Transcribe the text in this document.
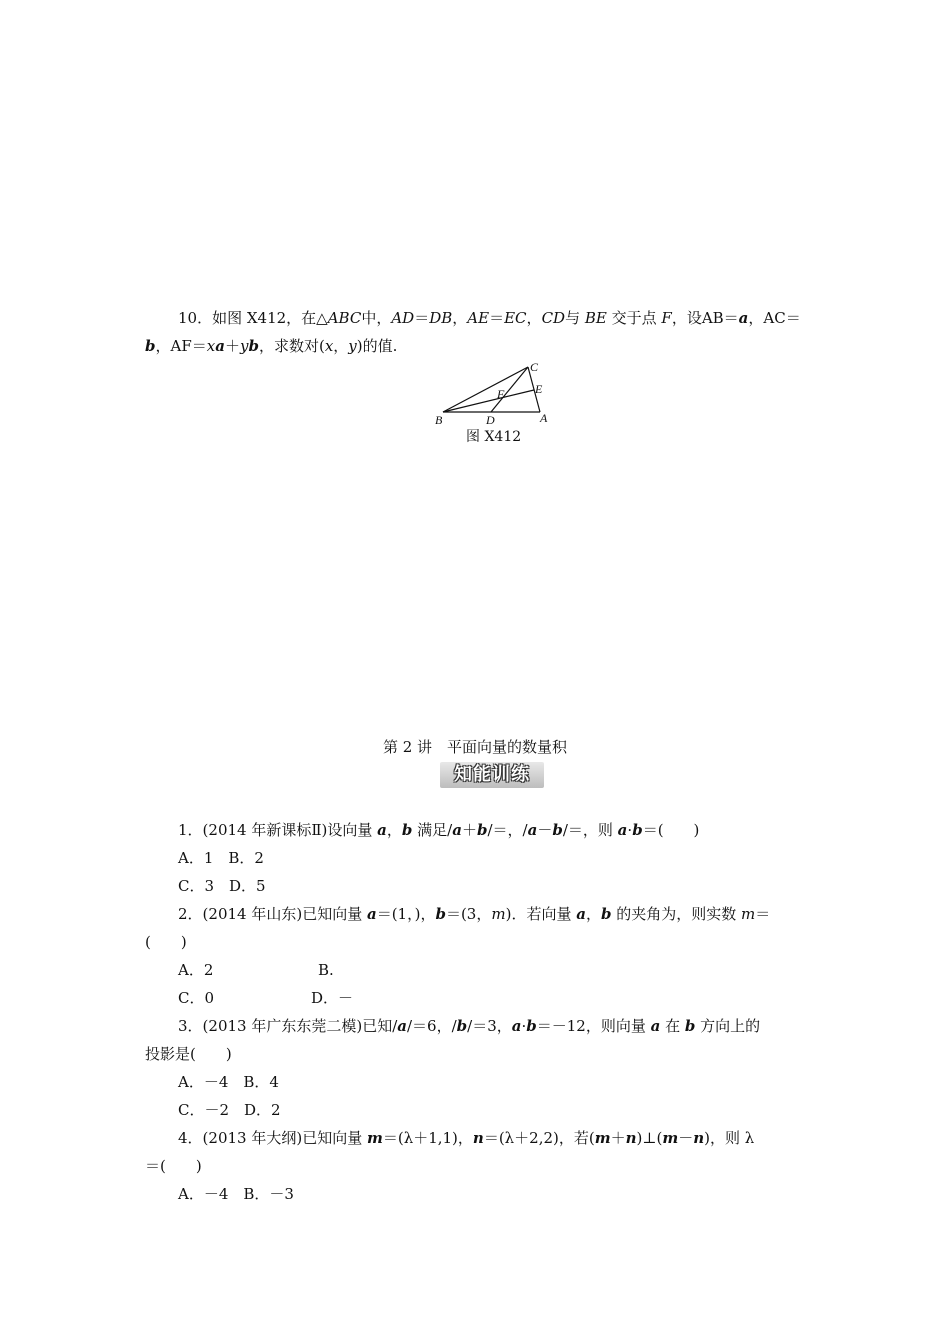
10．如图 X412，在△ABC中，AD＝DB，AE＝EC，CD与 BE 交于点 F，设AB＝a，AC＝
b，AF＝xa＋yb，求数对(x，y)的值.
C
E
F
B	D	A
图 X412
第 2 讲　平面向量的数量积
知能训练
1．(2014 年新课标Ⅱ)设向量 a，b 满足/a＋b/＝，/a－b/＝，则 a·b＝(　　)
A．1　B．2
C．3　D．5
2．(2014 年山东)已知向量 a＝(1，)，b＝(3，m)．若向量 a，b 的夹角为，则实数 m＝
(　　)
A．2	B.
C．0	D．－
3．(2013 年广东东莞二模)已知/a/＝6，/b/＝3，a·b＝－12，则向量 a 在 b 方向上的
投影是(　　)
A．－4　B．4
C．－2　D．2
4．(2013 年大纲)已知向量 m＝(λ＋1,1)，n＝(λ＋2,2)，若(m＋n)⊥(m－n)，则 λ
＝(　　)
A．－4　B．－3
